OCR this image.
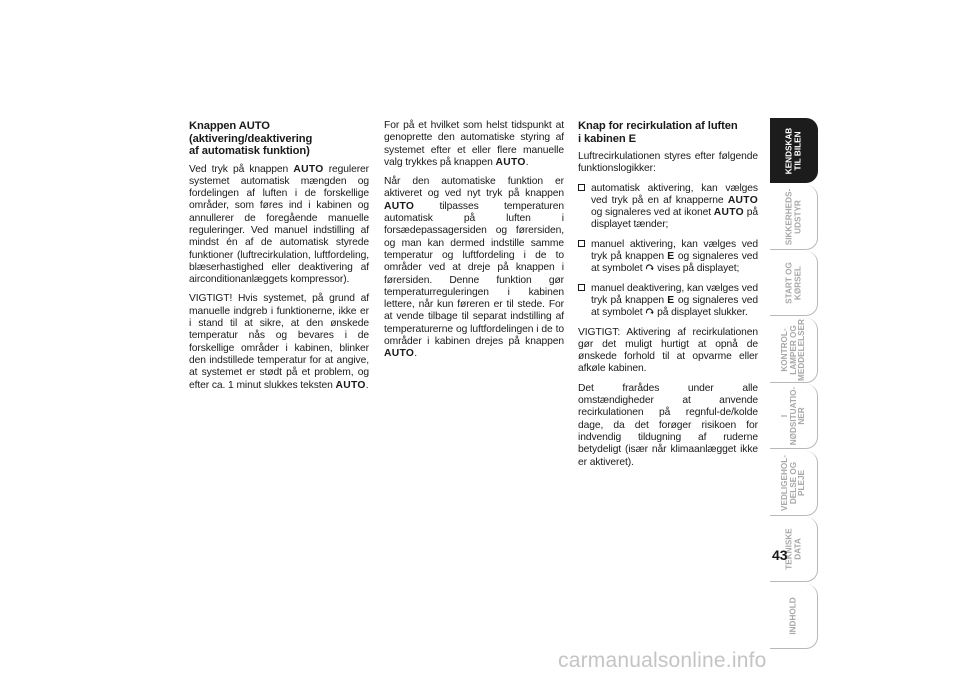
Knappen AUTO
(aktivering/deaktivering
af automatisk funktion)

Ved tryk på knappen AUTO regulerer systemet automatisk mængden og fordelingen af luften i de forskellige områder, som føres ind i kabinen og annullerer de foregående manuelle reguleringer. Ved manuel indstilling af mindst én af de automatisk styrede funktioner (luftrecirkulation, luftfordeling, blæserhastighed eller deaktivering af airconditionanlæggets kompressor).

VIGTIGT! Hvis systemet, på grund af manuelle indgreb i funktionerne, ikke er i stand til at sikre, at den ønskede temperatur nås og bevares i de forskellige områder i kabinen, blinker den indstillede temperatur for at angive, at systemet er stødt på et problem, og efter ca. 1 minut slukkes teksten AUTO.

For på et hvilket som helst tidspunkt at genoprette den automatiske styring af systemet efter et eller flere manuelle valg trykkes på knappen AUTO.

Når den automatiske funktion er aktiveret og ved nyt tryk på knappen AUTO tilpasses temperaturen automatisk på luften i forsædepassagersiden og førersiden, og man kan dermed indstille samme temperatur og luftfordeling i de to områder ved at dreje på knappen i førersiden. Denne funktion gør temperaturreguleringen i kabinen lettere, når kun føreren er til stede. For at vende tilbage til separat indstilling af temperaturerne og luftfordelingen i de to områder i kabinen drejes på knappen AUTO.

Knap for recirkulation af luften
i kabinen E

Luftrecirkulationen styres efter følgende funktionslogikker:

automatisk aktivering, kan vælges ved tryk på en af knapperne AUTO og signaleres ved at ikonet AUTO på displayet tænder;
manuel aktivering, kan vælges ved tryk på knappen E og signaleres ved at symbolet  vises på displayet;
manuel deaktivering, kan vælges ved tryk på knappen E og signaleres ved at symbolet  på displayet slukker.

VIGTIGT: Aktivering af recirkulationen gør det muligt hurtigt at opnå de ønskede forhold til at opvarme eller afkøle kabinen.

Det frarådes under alle omstændigheder at anvende recirkulationen på regnful-de/kolde dage, da det forøger risikoen for indvendig tildugning af ruderne betydeligt (især når klimaanlægget ikke er aktiveret).

KENDSKAB
TIL BILEN
SIKKERHEDS-
UDSTYR
START OG
KØRSEL
KONTROL-
LAMPER OG
MEDDELELSER
I
NØDSITUATIO-
NER
VEDLIGEHOL-
DELSE OG PLEJE
TEKNISKE
DATA
INDHOLD
43
carmanualsonline.info
